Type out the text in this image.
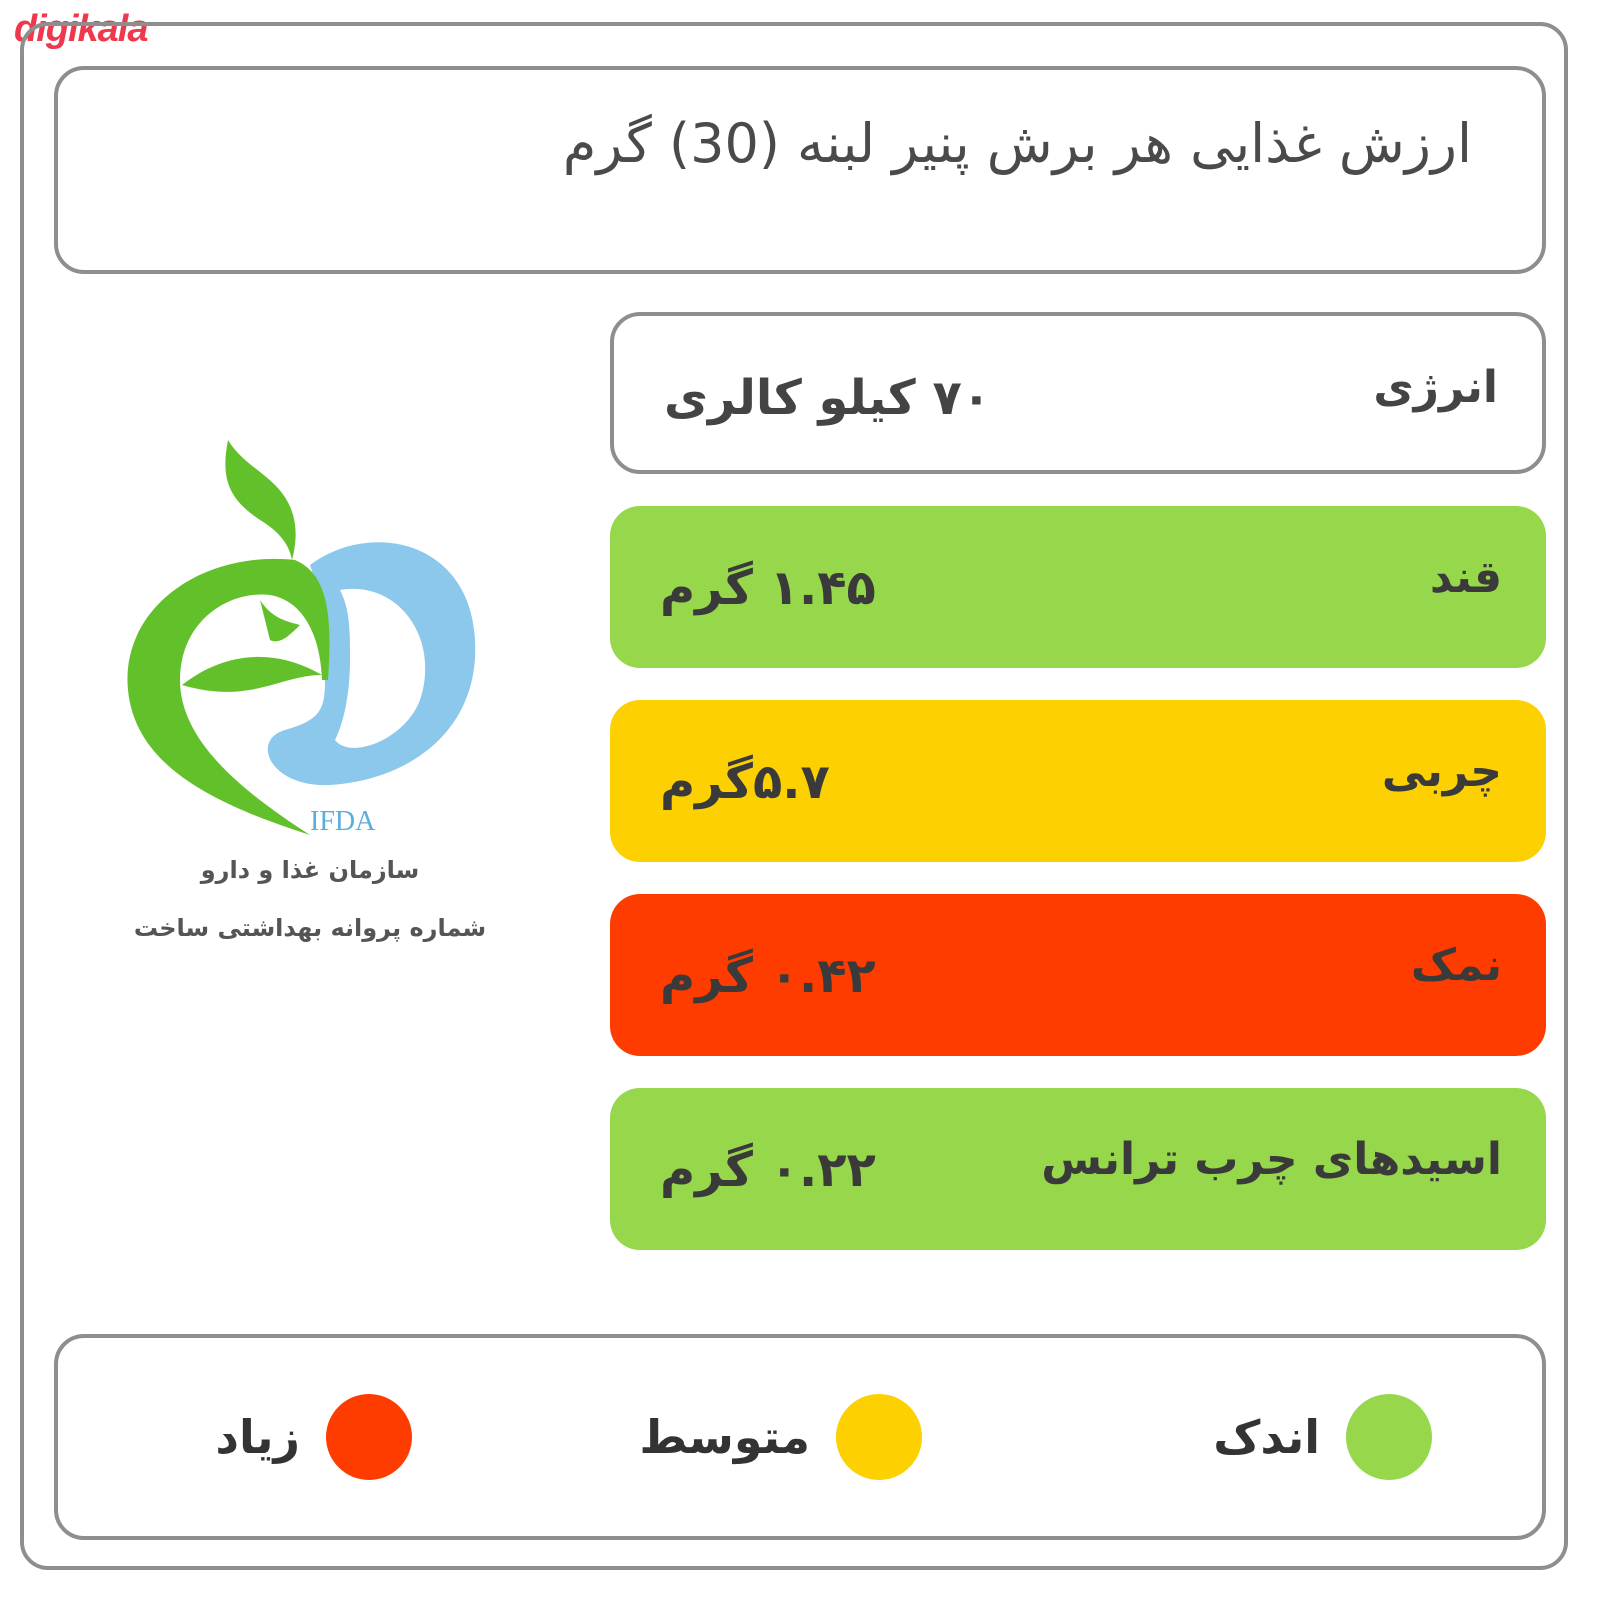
digikala
ارزش غذایی هر برش پنیر لبنه (30) گرم
انرژی
۷۰ کیلو کالری
قند
۱.۴۵ گرم
چربی
۵.۷گرم
نمک
۰.۴۲ گرم
اسیدهای چرب ترانس
۰.۲۲ گرم
IFDA
سازمان غذا و دارو
شماره پروانه بهداشتی ساخت
اندک
متوسط
زیاد
